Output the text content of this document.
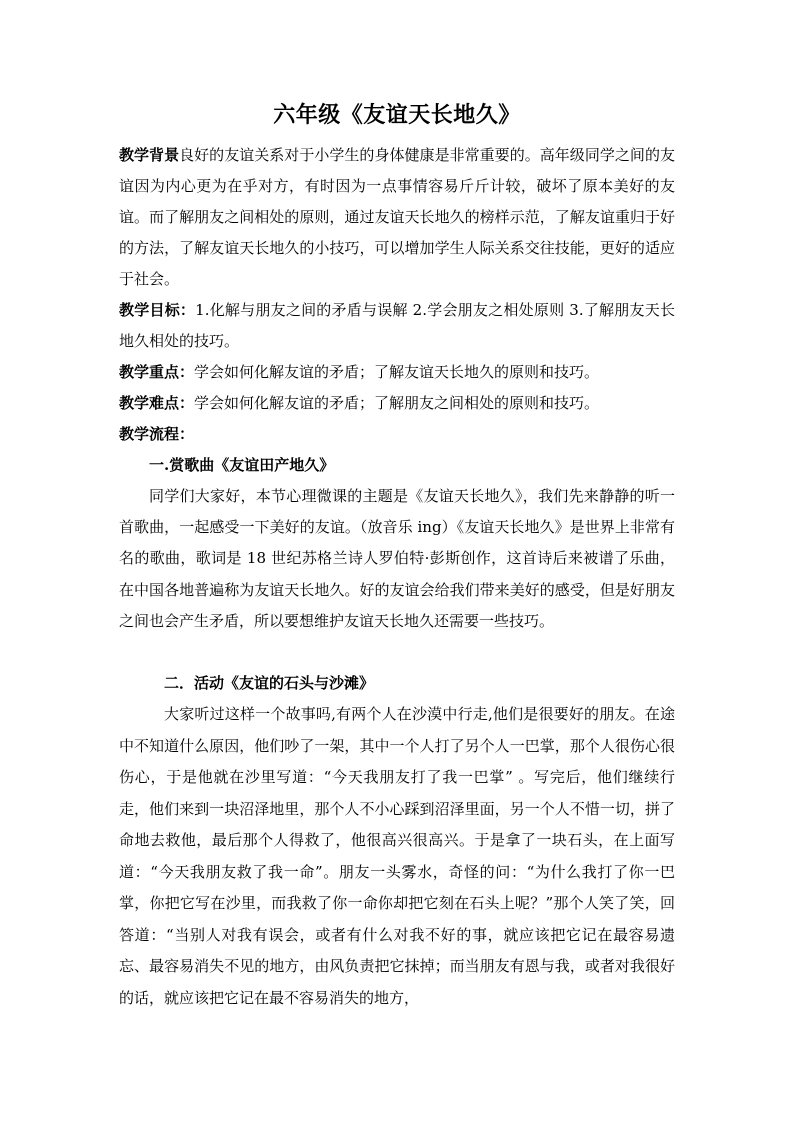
六年级《友谊天长地久》

教学背景良好的友谊关系对于小学生的身体健康是非常重要的。高年级同学之间的友谊因为内心更为在乎对方，有时因为一点事情容易斤斤计较，破坏了原本美好的友谊。而了解朋友之间相处的原则，通过友谊天长地久的榜样示范，了解友谊重归于好的方法，了解友谊天长地久的小技巧，可以增加学生人际关系交往技能，更好的适应于社会。

教学目标：1.化解与朋友之间的矛盾与误解 2.学会朋友之相处原则 3.了解朋友天长地久相处的技巧。

教学重点：学会如何化解友谊的矛盾；了解友谊天长地久的原则和技巧。

教学难点：学会如何化解友谊的矛盾；了解朋友之间相处的原则和技巧。

教学流程：

一.赏歌曲《友谊田产地久》

同学们大家好，本节心理微课的主题是《友谊天长地久》，我们先来静静的听一首歌曲，一起感受一下美好的友谊。（放音乐 ing）《友谊天长地久》是世界上非常有名的歌曲，歌词是 18 世纪苏格兰诗人罗伯特·彭斯创作，这首诗后来被谱了乐曲，在中国各地普遍称为友谊天长地久。好的友谊会给我们带来美好的感受，但是好朋友之间也会产生矛盾，所以要想维护友谊天长地久还需要一些技巧。

二．活动《友谊的石头与沙滩》

大家听过这样一个故事吗,有两个人在沙漠中行走,他们是很要好的朋友。在途中不知道什么原因，他们吵了一架，其中一个人打了另个人一巴掌，那个人很伤心很伤心，于是他就在沙里写道：“今天我朋友打了我一巴掌” 。写完后，他们继续行走，他们来到一块沼泽地里，那个人不小心踩到沼泽里面，另一个人不惜一切，拼了命地去救他，最后那个人得救了，他很高兴很高兴。于是拿了一块石头，在上面写道：“今天我朋友救了我一命”。朋友一头雾水，奇怪的问：“为什么我打了你一巴掌，你把它写在沙里，而我救了你一命你却把它刻在石头上呢？”那个人笑了笑，回答道：“当别人对我有误会，或者有什么对我不好的事，就应该把它记在最容易遗忘、最容易消失不见的地方，由风负责把它抹掉；而当朋友有恩与我，或者对我很好的话，就应该把它记在最不容易消失的地方，
